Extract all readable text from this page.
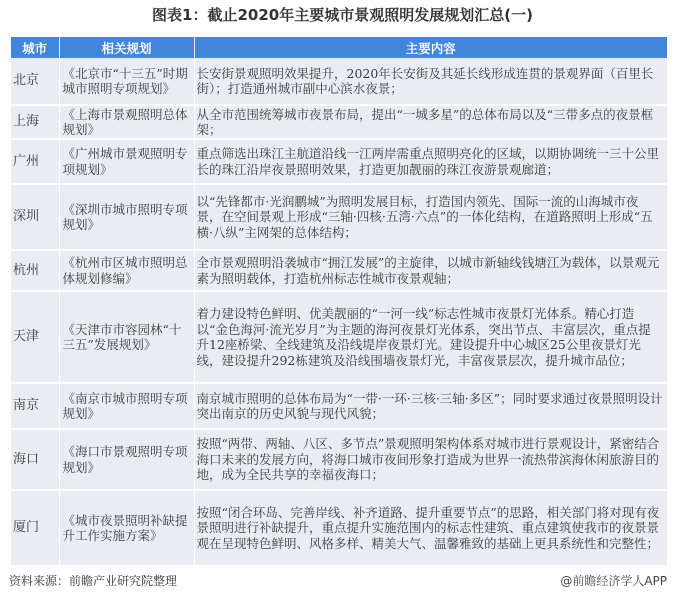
图表1：截止2020年主要城市景观照明发展规划汇总(一)
城市	相关规划	主要内容
北京	《北京市“十三五”时期城市照明专项规划》	长安街景观照明效果提升，2020年长安街及其延长线形成连贯的景观界面（百里长街）；打造通州城市副中心滨水夜景；
上海	《上海市景观照明总体规划》	从全市范围统筹城市夜景布局，提出“一城多星”的总体布局以及“三带多点的夜景框架；
广州	《广州城市景观照明专项规划》	重点筛选出珠江主航道沿线一江两岸需重点照明亮化的区域，以期协调统一三十公里长的珠江沿岸夜景照明效果，打造更加靓丽的珠江夜游景观廊道；
深圳	《深圳市城市照明专项规划》	以“先锋都市·光润鹏城”为照明发展目标，打造国内领先、国际一流的山海城市夜景，在空间景观上形成“三轴·四核·五湾·六点”的一体化结构，在道路照明上形成“五横·八纵”主网架的总体结构；
杭州	《杭州市区城市照明总体规划修编》	全市景观照明沿袭城市“拥江发展”的主旋律，以城市新轴线钱塘江为载体，以景观元素为照明载体，打造杭州标志性城市夜景观轴；
天津	《天津市市容园林“十三五”发展规划》	着力建设特色鲜明、优美靓丽的“一河一线”标志性城市夜景灯光体系。精心打造以“金色海河·流光岁月”为主题的海河夜景灯光体系，突出节点、丰富层次，重点提升12座桥梁、全线建筑及沿线堤岸夜景灯光。建设提升中心城区25公里夜景灯光线，建设提升292栋建筑及沿线围墙夜景灯光，丰富夜景层次，提升城市品位；
南京	《南京市城市照明专项规划》	南京城市照明的总体布局为“一带·一环·三核·三轴·多区”；同时要求通过夜景照明设计突出南京的历史风貌与现代风貌；
海口	《海口市景观照明专项规划》	按照“两带、两轴、八区、多节点”景观照明架构体系对城市进行景观设计，紧密结合海口未来的发展方向，将海口城市夜间形象打造成为世界一流热带滨海休闲旅游目的地，成为全民共享的幸福夜海口；
厦门	《城市夜景照明补缺提升工作实施方案》	按照“闭合环岛、完善岸线、补齐道路、提升重要节点”的思路，相关部门将对现有夜景照明进行补缺提升，重点提升实施范围内的标志性建筑、重点建筑使我市的夜景景观在呈现特色鲜明、风格多样、精美大气、温馨雅致的基础上更具系统性和完整性；
资料来源：前瞻产业研究院整理	@前瞻经济学人APP
